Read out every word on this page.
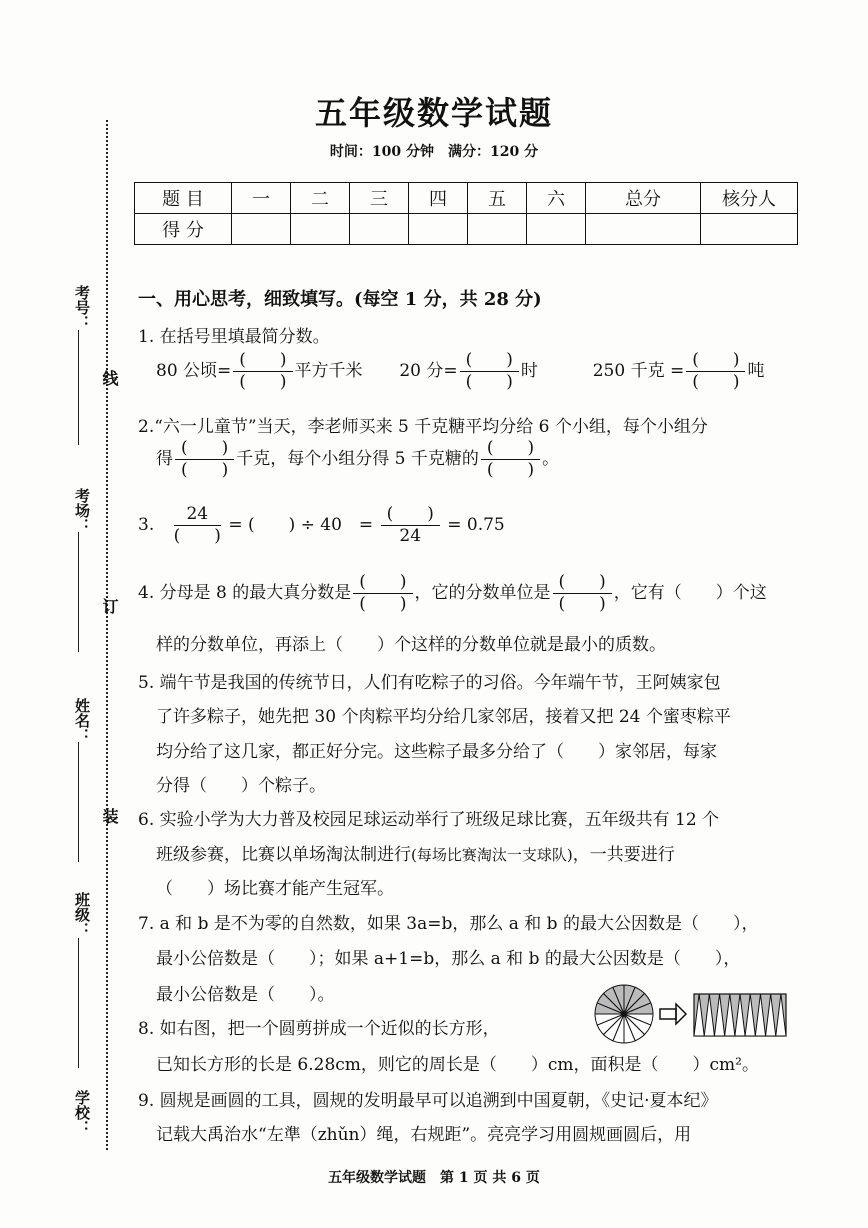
五年级数学试题
时间：100 分钟　满分：120 分
题 目	一	二	三	四	五	六	总分	核分人
得 分								
考号：
考场：
姓名：
班级：
学校：
线
订
装
一、用心思考，细致填写。(每空 1 分，共 28 分)
1. 在括号里填最简分数。
80 公顷= $\frac{( )}{( )}$ 平方千米 20 分= $\frac{( )}{( )}$ 时	250 千克 = $\frac{( )}{( )}$ 吨
2.“六一儿童节”当天，李老师买来 5 千克糖平均分给 6 个小组，每个小组分
得 $\frac{( )}{( )}$ 千克，每个小组分得 5 千克糖的 $\frac{( )}{( )}$ 。
3. $\frac{24}{( )}$ = (　　) ÷ 40　= $\frac{( )}{24} = 0.75$
4. 分母是 8 的最大真分数是 $\frac{( )}{( )}$ ，它的分数单位是 $\frac{( )}{( )}$ ，它有（　　）个这
样的分数单位，再添上（　　）个这样的分数单位就是最小的质数。
5. 端午节是我国的传统节日，人们有吃粽子的习俗。今年端午节，王阿姨家包
了许多粽子，她先把 30 个肉粽平均分给几家邻居，接着又把 24 个蜜枣粽平
均分给了这几家，都正好分完。这些粽子最多分给了（　　）家邻居，每家
分得（　　）个粽子。
6. 实验小学为大力普及校园足球运动举行了班级足球比赛，五年级共有 12 个
班级参赛，比赛以单场淘汰制进行(每场比赛淘汰一支球队)，一共要进行
（　　）场比赛才能产生冠军。
7. a 和 b 是不为零的自然数，如果 3a=b，那么 a 和 b 的最大公因数是（　　），
最小公倍数是（　　）；如果 a+1=b，那么 a 和 b 的最大公因数是（　　），
最小公倍数是（　　）。
8. 如右图，把一个圆剪拼成一个近似的长方形，
已知长方形的长是 6.28cm，则它的周长是（　　）cm，面积是（　　）cm²。
9. 圆规是画圆的工具，圆规的发明最早可以追溯到中国夏朝，《史记·夏本纪》
记载大禹治水“左準（zhǔn）绳，右规距”。亮亮学习用圆规画圆后，用
五年级数学试题　第 1 页 共 6 页
